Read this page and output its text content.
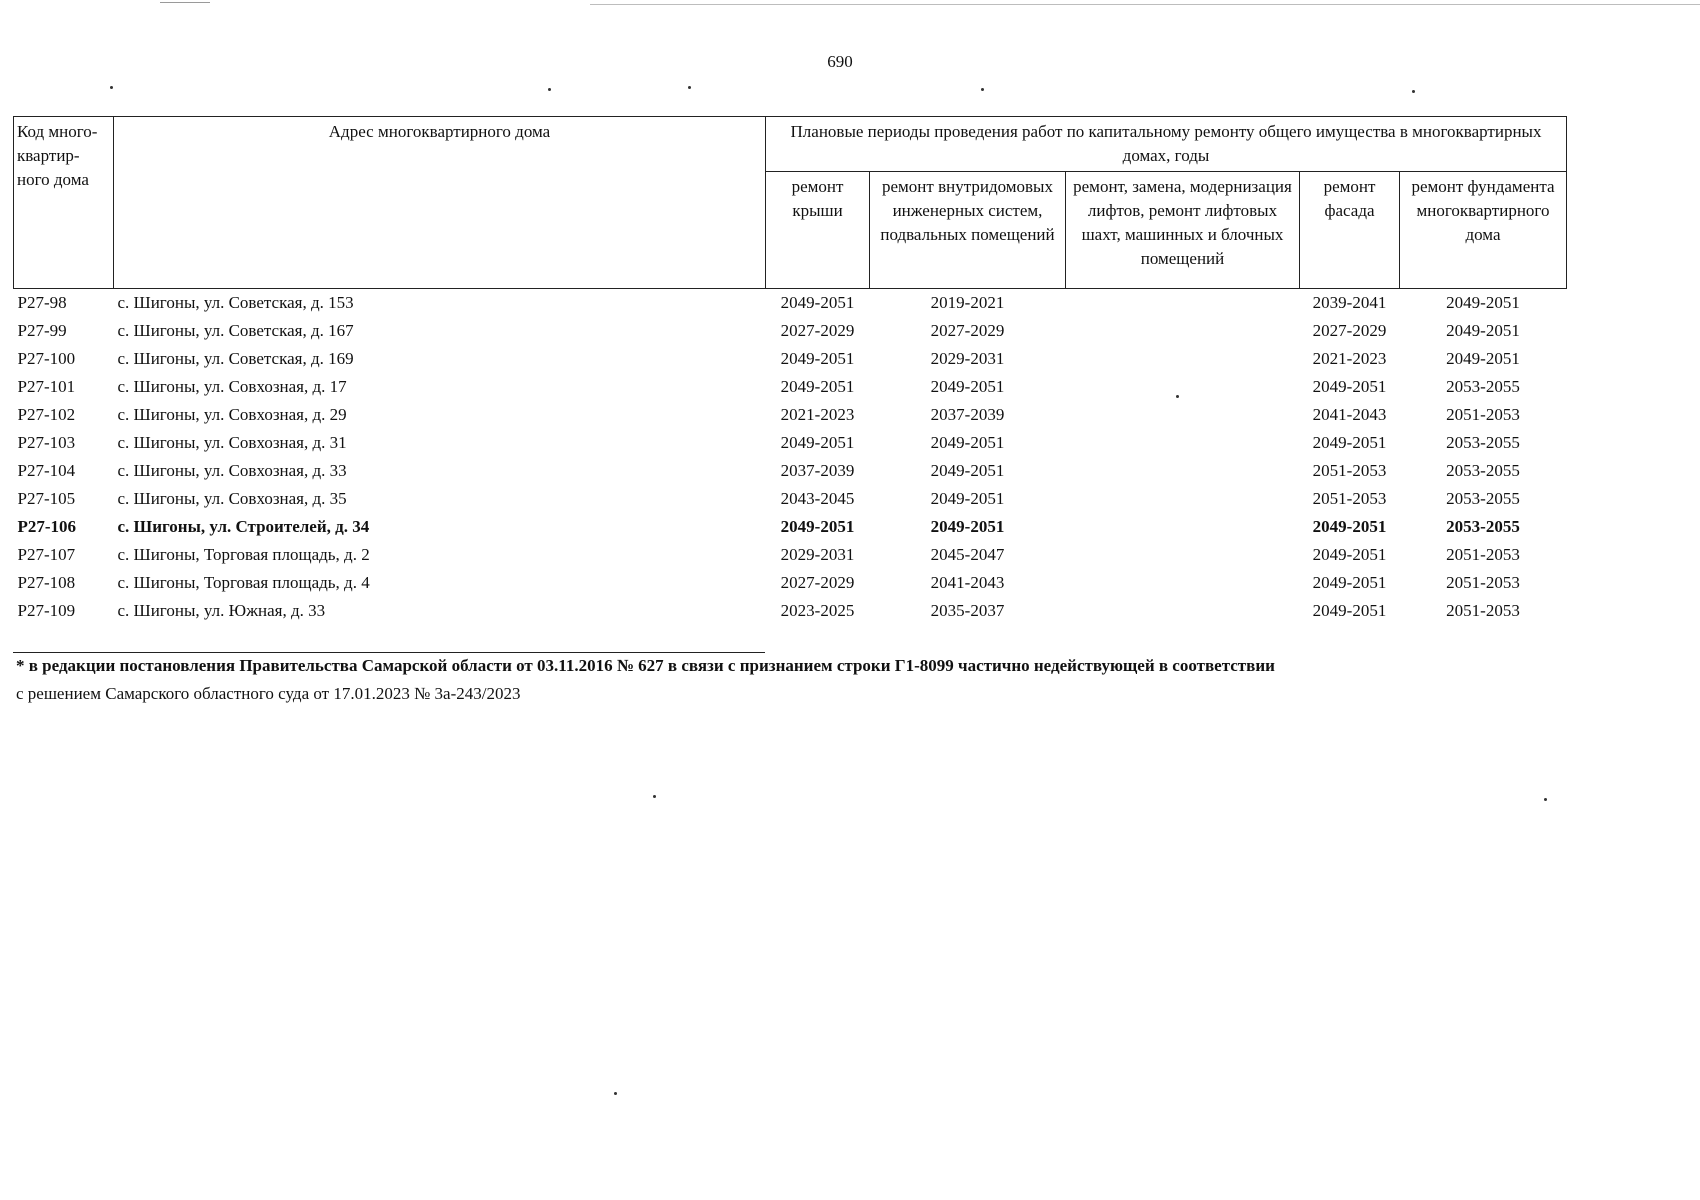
690
Код много-квартир-ного дома	Адрес многоквартирного дома	Плановые периоды проведения работ по капитальному ремонту общего имущества в многоквартирных домах, годы				
		ремонт крыши	ремонт внутридомовых инженерных систем, подвальных помещений	ремонт, замена, модернизация лифтов, ремонт лифтовых шахт, машинных и блочных помещений	ремонт фасада	ремонт фундамента многоквартирного дома
Р27-98	с. Шигоны, ул. Советская, д. 153	2049-2051	2019-2021		2039-2041	2049-2051
Р27-99	с. Шигоны, ул. Советская, д. 167	2027-2029	2027-2029		2027-2029	2049-2051
Р27-100	с. Шигоны, ул. Советская, д. 169	2049-2051	2029-2031		2021-2023	2049-2051
Р27-101	с. Шигоны, ул. Совхозная, д. 17	2049-2051	2049-2051		2049-2051	2053-2055
Р27-102	с. Шигоны, ул. Совхозная, д. 29	2021-2023	2037-2039		2041-2043	2051-2053
Р27-103	с. Шигоны, ул. Совхозная, д. 31	2049-2051	2049-2051		2049-2051	2053-2055
Р27-104	с. Шигоны, ул. Совхозная, д. 33	2037-2039	2049-2051		2051-2053	2053-2055
Р27-105	с. Шигоны, ул. Совхозная, д. 35	2043-2045	2049-2051		2051-2053	2053-2055
Р27-106	с. Шигоны, ул. Строителей, д. 34	2049-2051	2049-2051		2049-2051	2053-2055
Р27-107	с. Шигоны, Торговая площадь, д. 2	2029-2031	2045-2047		2049-2051	2051-2053
Р27-108	с. Шигоны, Торговая площадь, д. 4	2027-2029	2041-2043		2049-2051	2051-2053
Р27-109	с. Шигоны, ул. Южная, д. 33	2023-2025	2035-2037		2049-2051	2051-2053
* в редакции постановления Правительства Самарской области от 03.11.2016 № 627 в связи с признанием строки Г1-8099 частично недействующей в соответствии
с решением Самарского областного суда от 17.01.2023 № 3а-243/2023
